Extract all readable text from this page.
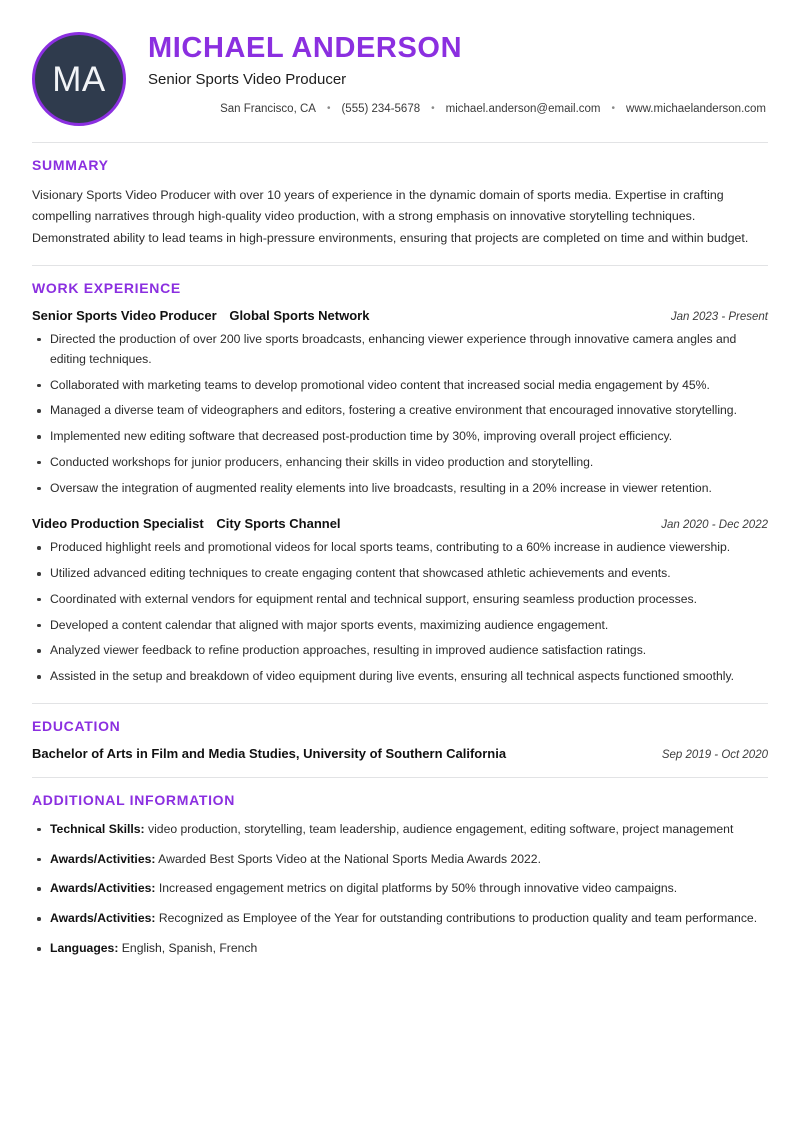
MA
MICHAEL ANDERSON
Senior Sports Video Producer
San Francisco, CA	• (555) 234-5678	• michael.anderson@email.com	• www.michaelanderson.com
SUMMARY

Visionary Sports Video Producer with over 10 years of experience in the dynamic domain of sports media. Expertise in crafting compelling narratives through high-quality video production, with a strong emphasis on innovative storytelling techniques. Demonstrated ability to lead teams in high-pressure environments, ensuring that projects are completed on time and within budget.

WORK EXPERIENCE
Senior Sports Video Producer Global Sports Network	Jan 2023 - Present
Directed the production of over 200 live sports broadcasts, enhancing viewer experience through innovative camera angles and editing techniques.
Collaborated with marketing teams to develop promotional video content that increased social media engagement by 45%.
Managed a diverse team of videographers and editors, fostering a creative environment that encouraged innovative storytelling.
Implemented new editing software that decreased post-production time by 30%, improving overall project efficiency.
Conducted workshops for junior producers, enhancing their skills in video production and storytelling.
Oversaw the integration of augmented reality elements into live broadcasts, resulting in a 20% increase in viewer retention.
Video Production Specialist City Sports Channel	Jan 2020 - Dec 2022
Produced highlight reels and promotional videos for local sports teams, contributing to a 60% increase in audience viewership.
Utilized advanced editing techniques to create engaging content that showcased athletic achievements and events.
Coordinated with external vendors for equipment rental and technical support, ensuring seamless production processes.
Developed a content calendar that aligned with major sports events, maximizing audience engagement.
Analyzed viewer feedback to refine production approaches, resulting in improved audience satisfaction ratings.
Assisted in the setup and breakdown of video equipment during live events, ensuring all technical aspects functioned smoothly.
EDUCATION
Bachelor of Arts in Film and Media Studies, University of Southern California	Sep 2019 - Oct 2020
ADDITIONAL INFORMATION
Technical Skills: video production, storytelling, team leadership, audience engagement, editing software, project management
Awards/Activities: Awarded Best Sports Video at the National Sports Media Awards 2022.
Awards/Activities: Increased engagement metrics on digital platforms by 50% through innovative video campaigns.
Awards/Activities: Recognized as Employee of the Year for outstanding contributions to production quality and team performance.
Languages: English, Spanish, French
